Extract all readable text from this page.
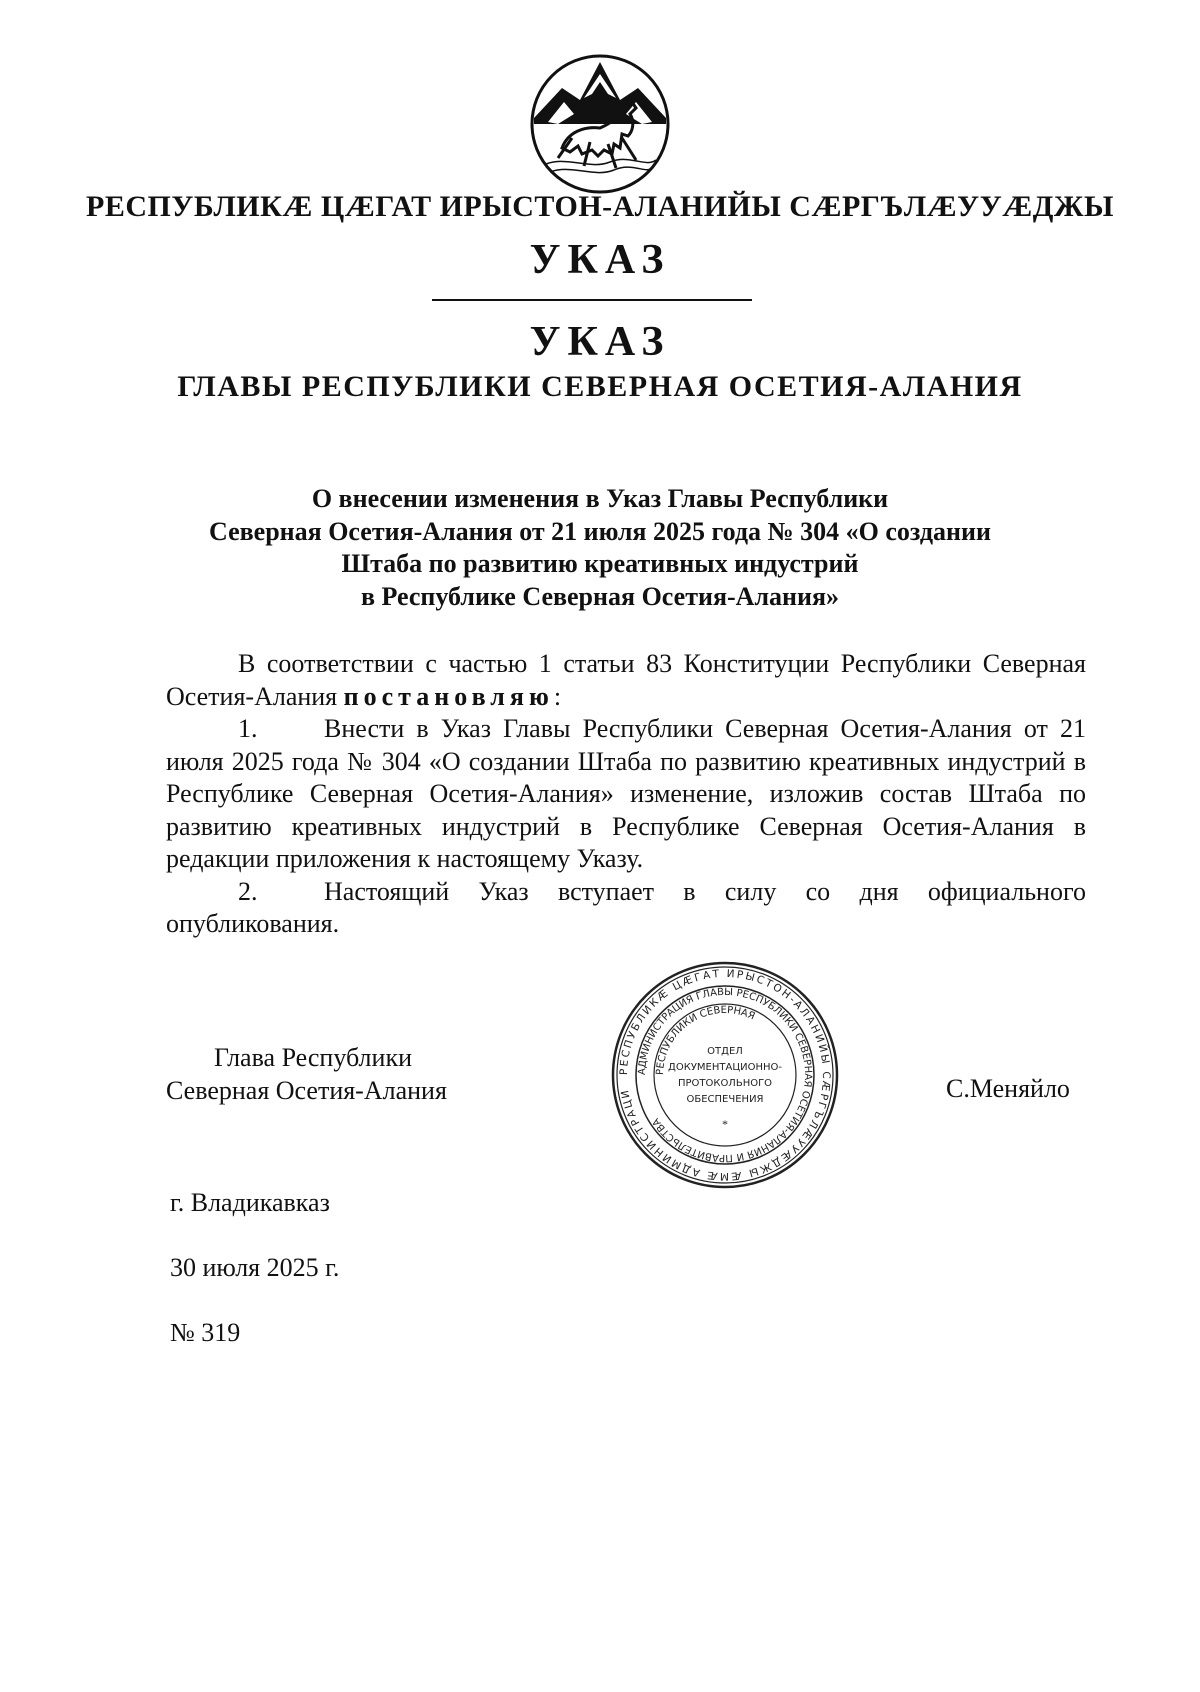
РЕСПУБЛИКӔ ЦӔГАТ ИРЫСТОН-АЛАНИЙЫ СӔРГЪЛӔУУӔДЖЫ
УКАЗ
УКАЗ
ГЛАВЫ РЕСПУБЛИКИ СЕВЕРНАЯ ОСЕТИЯ-АЛАНИЯ
О внесении изменения в Указ Главы Республики
Северная Осетия-Алания от 21 июля 2025 года № 304 «О создании
Штаба по развитию креативных индустрий
в Республике Северная Осетия-Алания»

В соответствии с частью 1 статьи 83 Конституции Республики Северная Осетия-Алания постановляю:

1.	Внести в Указ Главы Республики Северная Осетия-Алания от 21 июля 2025 года № 304 «О создании Штаба по развитию креативных индустрий в Республике Северная Осетия-Алания» изменение, изложив состав Штаба по развитию креативных индустрий в Республике Северная Осетия-Алания в редакции приложения к настоящему Указу.

2.	Настоящий Указ вступает в силу со дня официального опубликования.

Глава Республики
Северная Осетия-Алания	С.Меняйло
РЕСПУБЛИКӔ ЦӔГАТ ИРЫСТОН-АЛАНИЙЫ СӔРГЪЛӔУУӔДЖЫ ӔМӔ АДМИНИСТРАЦИ
АДМИНИСТРАЦИЯ ГЛАВЫ РЕСПУБЛИКИ СЕВЕРНАЯ ОСЕТИЯ-АЛАНИЯ И ПРАВИТЕЛЬСТВА
РЕСПУБЛИКИ СЕВЕРНАЯ
ОТДЕЛ
ДОКУМЕНТАЦИОННО-
ПРОТОКОЛЬНОГО
ОБЕСПЕЧЕНИЯ
*
г. Владикавказ
30 июля 2025 г.
№ 319
